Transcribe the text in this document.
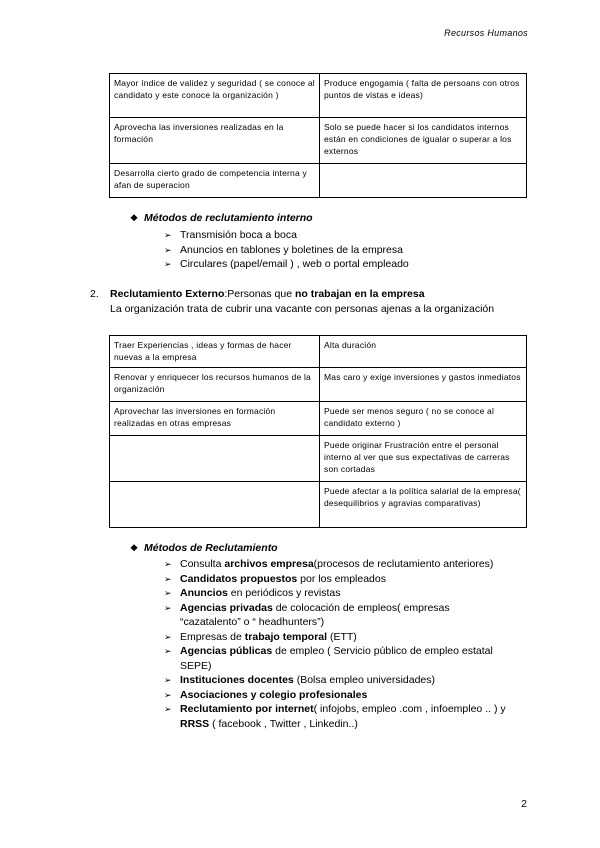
Recursos Humanos
Mayor índice de validez y seguridad ( se conoce al candidato y este conoce la organización )	Produce engogamia ( falta de persoans con otros puntos de vistas e ideas)
Aprovecha las inversiones realizadas en la formación	Solo se puede hacer si los candidatos internos están en condiciones de igualar o superar a los externos
Desarrolla cierto grado de competencia interna y afan de superacion	
❖ Métodos de reclutamiento interno
➢ Transmisión boca a boca
➢ Anuncios en tablones y boletines de la empresa
➢ Circulares (papel/email ) , web o portal empleado
2. Reclutamiento Externo:Personas que no trabajan en la empresa
La organización trata de cubrir una vacante con personas ajenas a la organización
Traer Experiencias , ideas y formas de hacer nuevas a la empresa	Alta duración
Renovar y enriquecer los recursos humanos de la organización	Mas caro y exige inversiones y gastos inmediatos
Aprovechar las inversiones en formación realizadas en otras empresas	Puede ser menos seguro ( no se conoce al candidato externo )
	Puede originar Frustración entre el personal interno al ver que sus expectativas de carreras son cortadas
	Puede afectar a la política salarial de la empresa( desequilibrios y agravias comparativas)
❖ Métodos de Reclutamiento
➢ Consulta archivos empresa(procesos de reclutamiento anteriores)
➢ Candidatos propuestos por los empleados
➢ Anuncios en periódicos y revistas
➢ Agencias privadas de colocación de empleos( empresas “cazatalento” o “ headhunters”)
➢ Empresas de trabajo temporal (ETT)
➢ Agencias públicas de empleo ( Servicio público de empleo estatal SEPE)
➢ Instituciones docentes (Bolsa empleo universidades)
➢ Asociaciones y colegio profesionales
➢ Reclutamiento por internet( infojobs, empleo .com , infoempleo .. ) y RRSS ( facebook , Twitter , Linkedin..)
2
